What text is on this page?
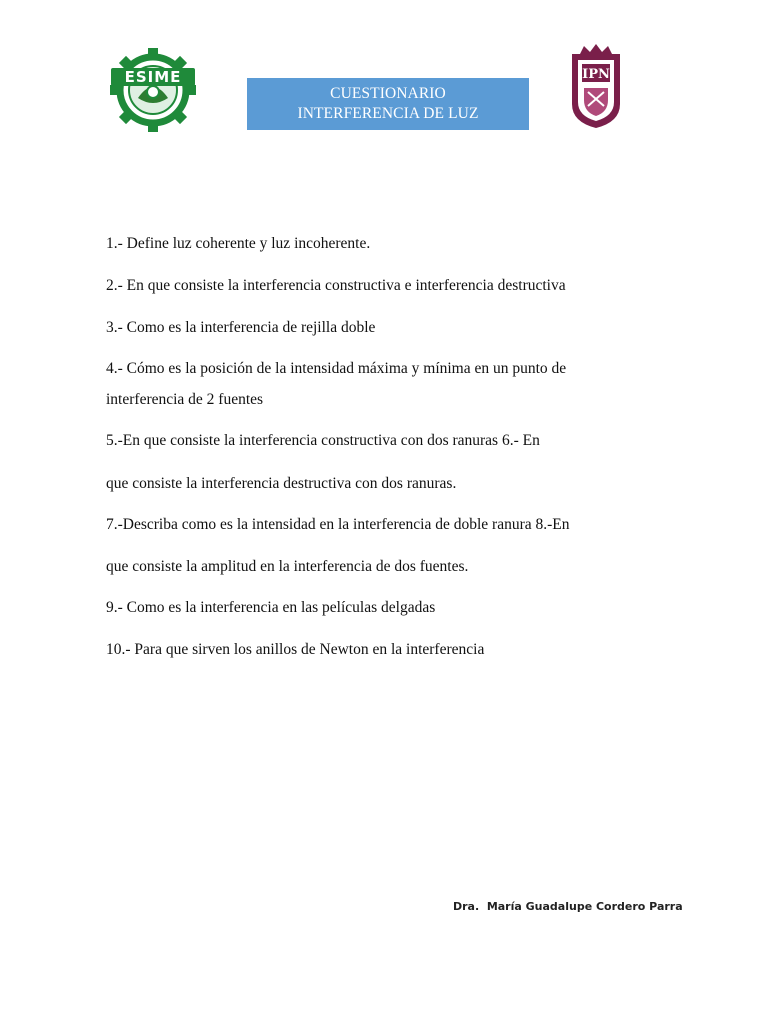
ESIME
CUESTIONARIO
INTERFERENCIA DE LUZ
IPN
1.- Define luz coherente y luz incoherente.
2.- En que consiste la interferencia constructiva e interferencia destructiva
3.- Como es la interferencia de rejilla doble
4.- Cómo es la posición de la intensidad máxima y mínima en un punto de
interferencia de 2 fuentes
5.-En que consiste la interferencia constructiva con dos ranuras 6.- En
que consiste la interferencia destructiva con dos ranuras.
7.-Describa como es la intensidad en la interferencia de doble ranura 8.-En
que consiste la amplitud en la interferencia de dos fuentes.
9.- Como es la interferencia en las películas delgadas
10.- Para que sirven los anillos de Newton en la interferencia
Dra.  María Guadalupe Cordero Parra
